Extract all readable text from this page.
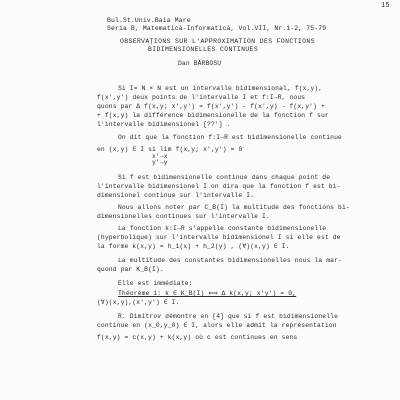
15
Bul.St.Univ.Baia Mare
Seria B, Matematică-Informatică, Vol.VII, Nr.1-2, 75-79
OBSERVAŢIONS SUR L'APPROXIMATION DES FONCTIONS
BIDIMENSIONELLES CONTINUES
Dan BĂRBOSU
Si I= N × N est un intervalle bidimensional, f(x,y),
f(x',y') deux points de l'intervalle I et f:I→R, nous
quons par Δ f(x,y; x',y') = f(x',y') - f(x',y) - f(x,y') +
+ f(x,y) la différence bidimensionelle de la fonction f sur
l'intervalle bidimensionel [??'] .
On dit que la fonction f:I→R est bidimensionelle continue
en (x,y) ∈ I si lim f(x,y; x',y') = 0
x'→x
y'→y
Si f est bidimensionelle continue dans chaque point de
l'intervalle bidimensionel I on dira que la fonction f est bi-
dimensionel continue sur l'intervalle I.
Nous allons noter par C_B(I) la multitude des fonctions bi-
dimensionelles continues sur l'intervalle I.
La fonction k:I→R s'appelle constante bidimensionelle
(hyperbolique) sur l'intervalle bidimensionel I si elle est de
la forme k(x,y) = h_1(x) + h_2(y) , (∀)(x,y) ∈ I.
La multitude des constantes bidimensionelles nous la mar-
quond par K_B(I).
Elle est immédiate:
Théorème 1: k ∈ K_B(I) ⟺ Δ k(x,y; x'y') = 0,
(∀)(x,y),(x',y') ∈ I.
R. Dimitrov démontre en [4] que si f est bidimensionelle
continue en (x_0,y_0) ∈ I, alors elle admit la représentation
f(x,y) = c(x,y) + k(x,y) où c est continues en sens
